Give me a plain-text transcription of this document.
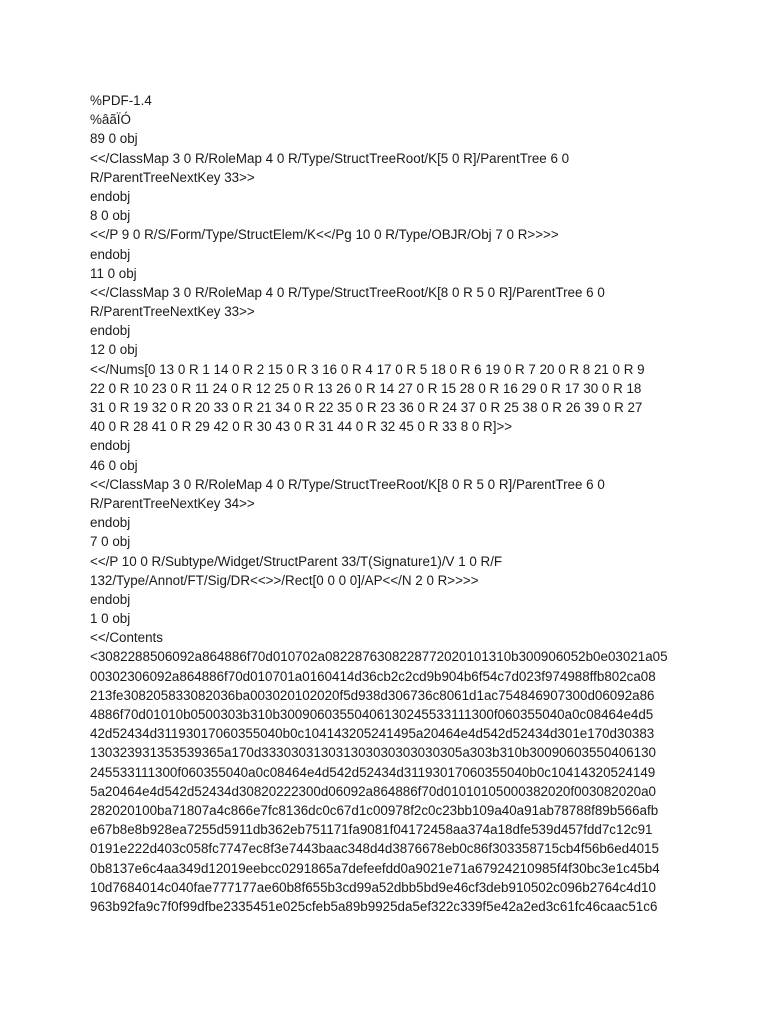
%PDF-1.4
%âãÏÓ
89 0 obj
<</ClassMap 3 0 R/RoleMap 4 0 R/Type/StructTreeRoot/K[5 0 R]/ParentTree 6 0
R/ParentTreeNextKey 33>>
endobj
8 0 obj
<</P 9 0 R/S/Form/Type/StructElem/K<</Pg 10 0 R/Type/OBJR/Obj 7 0 R>>>>
endobj
11 0 obj
<</ClassMap 3 0 R/RoleMap 4 0 R/Type/StructTreeRoot/K[8 0 R 5 0 R]/ParentTree 6 0
R/ParentTreeNextKey 33>>
endobj
12 0 obj
<</Nums[0 13 0 R 1 14 0 R 2 15 0 R 3 16 0 R 4 17 0 R 5 18 0 R 6 19 0 R 7 20 0 R 8 21 0 R 9
22 0 R 10 23 0 R 11 24 0 R 12 25 0 R 13 26 0 R 14 27 0 R 15 28 0 R 16 29 0 R 17 30 0 R 18
31 0 R 19 32 0 R 20 33 0 R 21 34 0 R 22 35 0 R 23 36 0 R 24 37 0 R 25 38 0 R 26 39 0 R 27
40 0 R 28 41 0 R 29 42 0 R 30 43 0 R 31 44 0 R 32 45 0 R 33 8 0 R]>>
endobj
46 0 obj
<</ClassMap 3 0 R/RoleMap 4 0 R/Type/StructTreeRoot/K[8 0 R 5 0 R]/ParentTree 6 0
R/ParentTreeNextKey 34>>
endobj
7 0 obj
<</P 10 0 R/Subtype/Widget/StructParent 33/T(Signature1)/V 1 0 R/F
132/Type/Annot/FT/Sig/DR<<>>/Rect[0 0 0 0]/AP<</N 2 0 R>>>>
endobj
1 0 obj
<</Contents
<3082288506092a864886f70d010702a0822876308228772020101310b300906052b0e03021a05
00302306092a864886f70d010701a0160414d36cb2c2cd9b904b6f54c7d023f974988ffb802ca08
213fe308205833082036ba003020102020f5d938d306736c8061d1ac754846907300d06092a86
4886f70d01010b0500303b310b30090603550406130245533111300f060355040a0c08464e4d5
42d52434d31193017060355040b0c104143205241495a20464e4d542d52434d301e170d30383
130323931353539365a170d333030313031303030303030305a303b310b30090603550406130
245533111300f060355040a0c08464e4d542d52434d31193017060355040b0c10414320524149
5a20464e4d542d52434d30820222300d06092a864886f70d01010105000382020f003082020a0
282020100ba71807a4c866e7fc8136dc0c67d1c00978f2c0c23bb109a40a91ab78788f89b566afb
e67b8e8b928ea7255d5911db362eb751171fa9081f04172458aa374a18dfe539d457fdd7c12c91
0191e222d403c058fc7747ec8f3e7443baac348d4d3876678eb0c86f303358715cb4f56b6ed4015
0b8137e6c4aa349d12019eebcc0291865a7defeefdd0a9021e71a67924210985f4f30bc3e1c45b4
10d7684014c040fae777177ae60b8f655b3cd99a52dbb5bd9e46cf3deb910502c096b2764c4d10
963b92fa9c7f0f99dfbe2335451e025cfeb5a89b9925da5ef322c339f5e42a2ed3c61fc46caac51c6
